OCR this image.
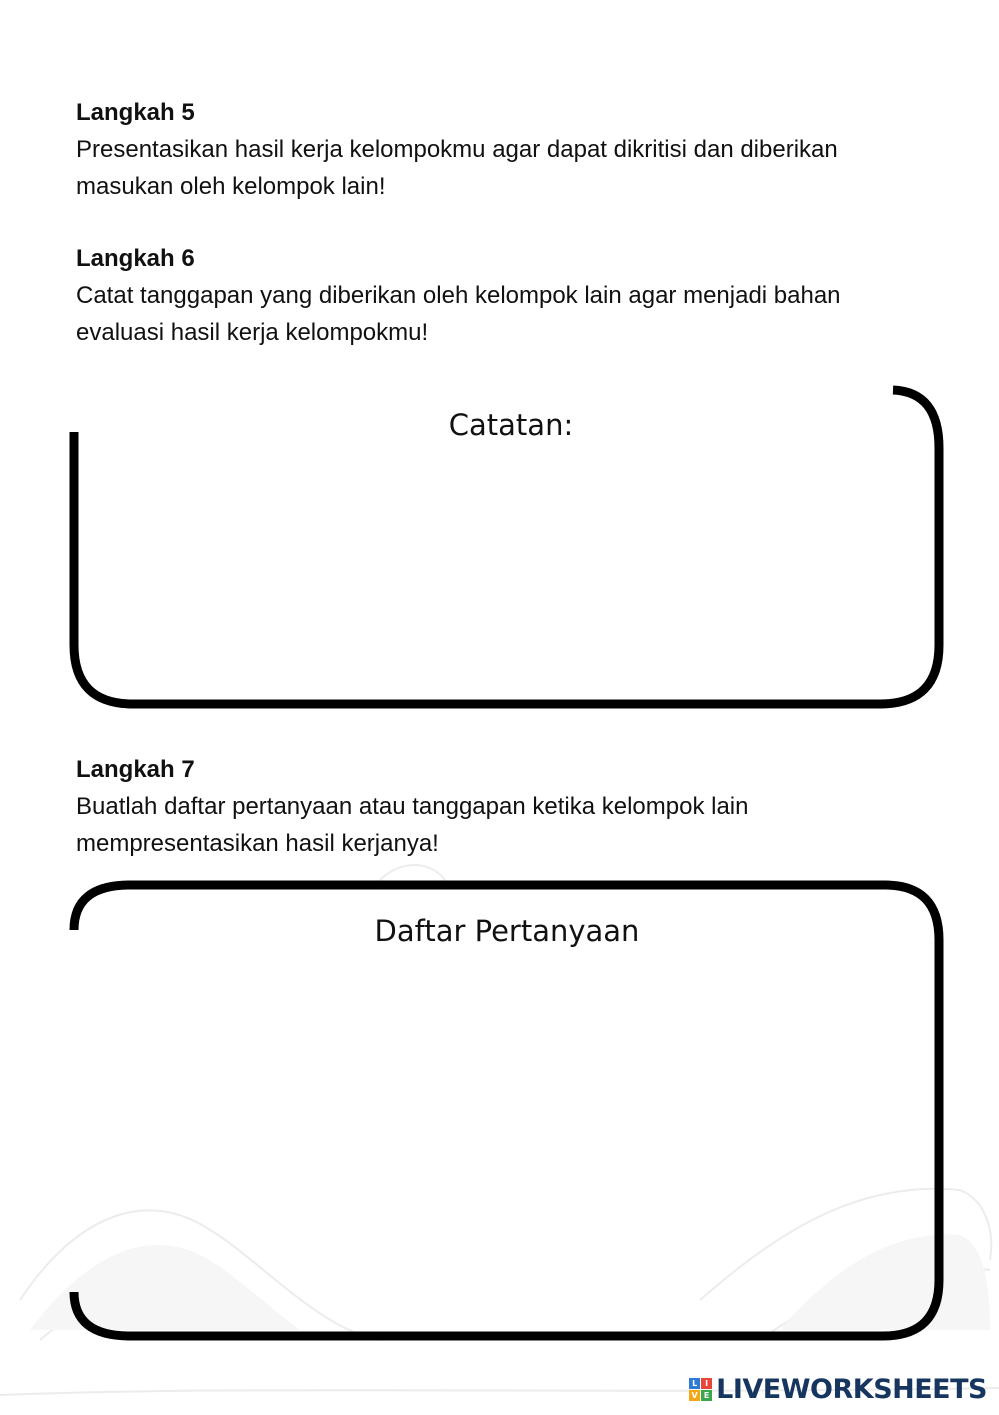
Langkah 5

Presentasikan hasil kerja kelompokmu agar dapat dikritisi dan diberikan

masukan oleh kelompok lain!

Langkah 6

Catat tanggapan yang diberikan oleh kelompok lain agar menjadi bahan

evaluasi hasil kerja kelompokmu!

Catatan:

Langkah 7

Buatlah daftar pertanyaan atau tanggapan ketika kelompok lain

mempresentasikan hasil kerjanya!

Daftar Pertanyaan
L I
V E LIVEWORKSHEETS
